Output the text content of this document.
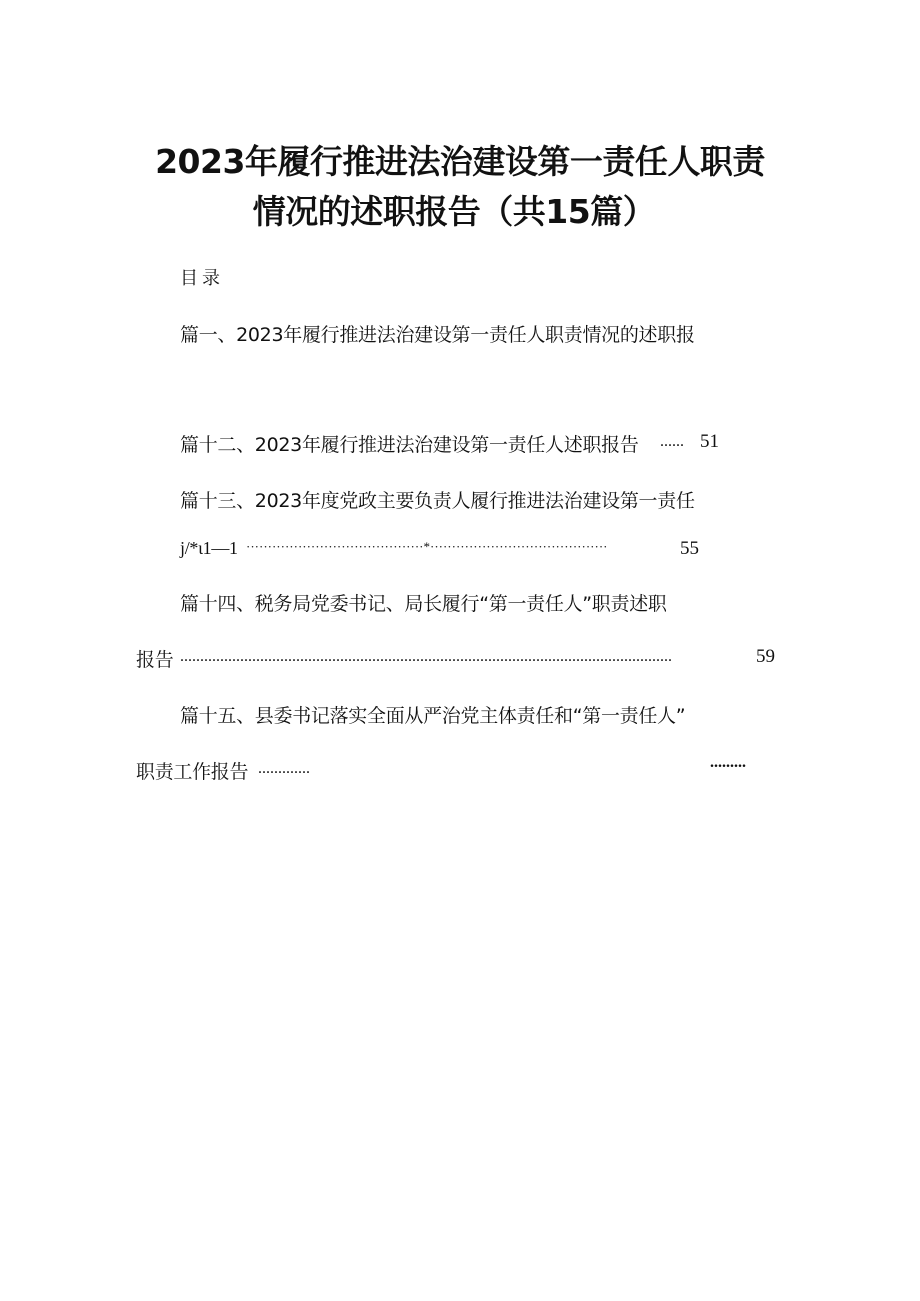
2023年履行推进法治建设第一责任人职责
情况的述职报告（共15篇）
目录
篇一、2023年履行推进法治建设第一责任人职责情况的述职报
篇十二、2023年履行推进法治建设第一责任人述职报告 ...... 51
篇十三、2023年度党政主要负责人履行推进法治建设第一责任
j/*ι1—1 ·········································*·········································	55
篇十四、税务局党委书记、局长履行“第一责任人”职责述职
报告 ...........................................................................................................................	59
篇十五、县委书记落实全面从严治党主体责任和“第一责任人”
职责工作报告 .............	.........
